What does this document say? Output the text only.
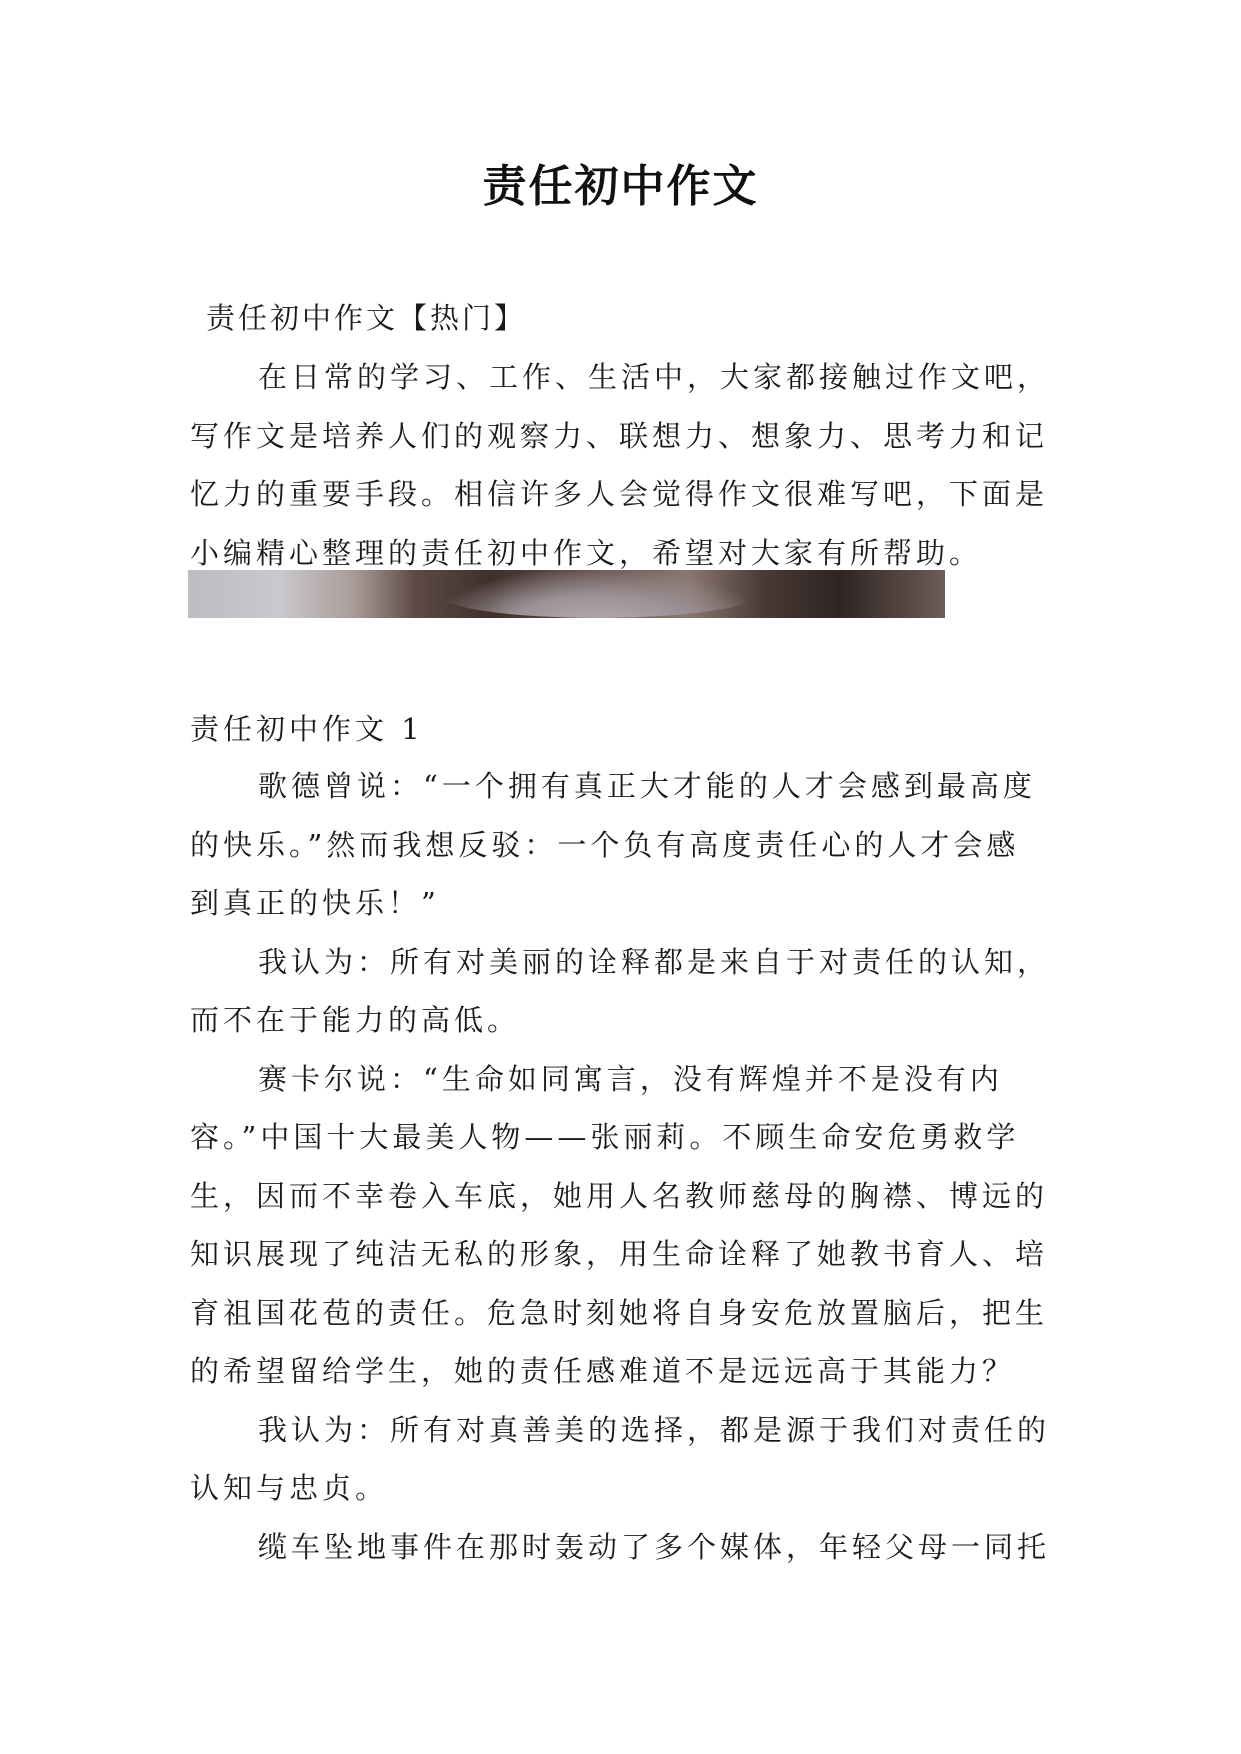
责任初中作文
责任初中作文【热门】
在日常的学习、工作、生活中，大家都接触过作文吧，
写作文是培养人们的观察力、联想力、想象力、思考力和记
忆力的重要手段。相信许多人会觉得作文很难写吧，下面是
小编精心整理的责任初中作文，希望对大家有所帮助。
责任初中作文 1
歌德曾说：“一个拥有真正大才能的人才会感到最高度
的快乐。”然而我想反驳：一个负有高度责任心的人才会感
到真正的快乐！”
我认为：所有对美丽的诠释都是来自于对责任的认知，
而不在于能力的高低。
赛卡尔说：“生命如同寓言，没有辉煌并不是没有内
容。”中国十大最美人物——张丽莉。不顾生命安危勇救学
生，因而不幸卷入车底，她用人名教师慈母的胸襟、博远的
知识展现了纯洁无私的形象，用生命诠释了她教书育人、培
育祖国花苞的责任。危急时刻她将自身安危放置脑后，把生
的希望留给学生，她的责任感难道不是远远高于其能力？
我认为：所有对真善美的选择，都是源于我们对责任的
认知与忠贞。
缆车坠地事件在那时轰动了多个媒体，年轻父母一同托
